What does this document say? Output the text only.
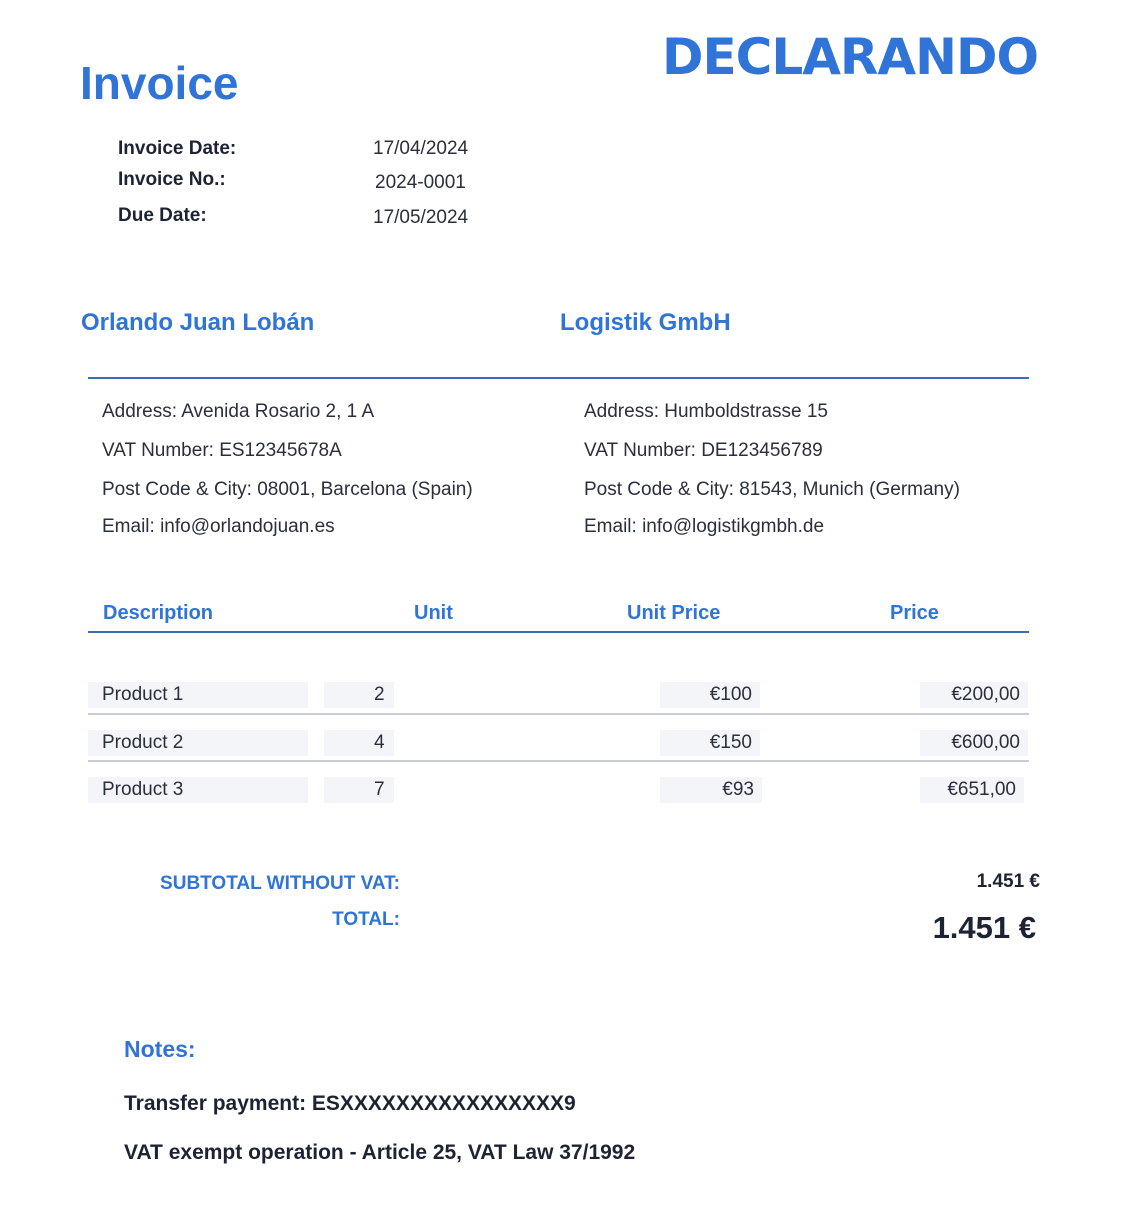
DECLARANDO
Invoice
Invoice Date:	17/04/2024
Invoice No.:	2024-0001
Due Date:	17/05/2024
Orlando Juan Lobán	Logistik GmbH
Address: Avenida Rosario 2, 1 A
VAT Number: ES12345678A
Post Code & City: 08001, Barcelona (Spain)
Email: info@orlandojuan.es
Address: Humboldstrasse 15
VAT Number: DE123456789
Post Code & City: 81543, Munich (Germany)
Email: info@logistikgmbh.de
Description	Unit	Unit Price	Price
Product 1	2	€100	€200,00
Product 2	4	€150	€600,00
Product 3	7	€93	€651,00
SUBTOTAL WITHOUT VAT:	1.451 €
TOTAL:	1.451 €
Notes:
Transfer payment: ESXXXXXXXXXXXXXXXX9
VAT exempt operation - Article 25, VAT Law 37/1992
